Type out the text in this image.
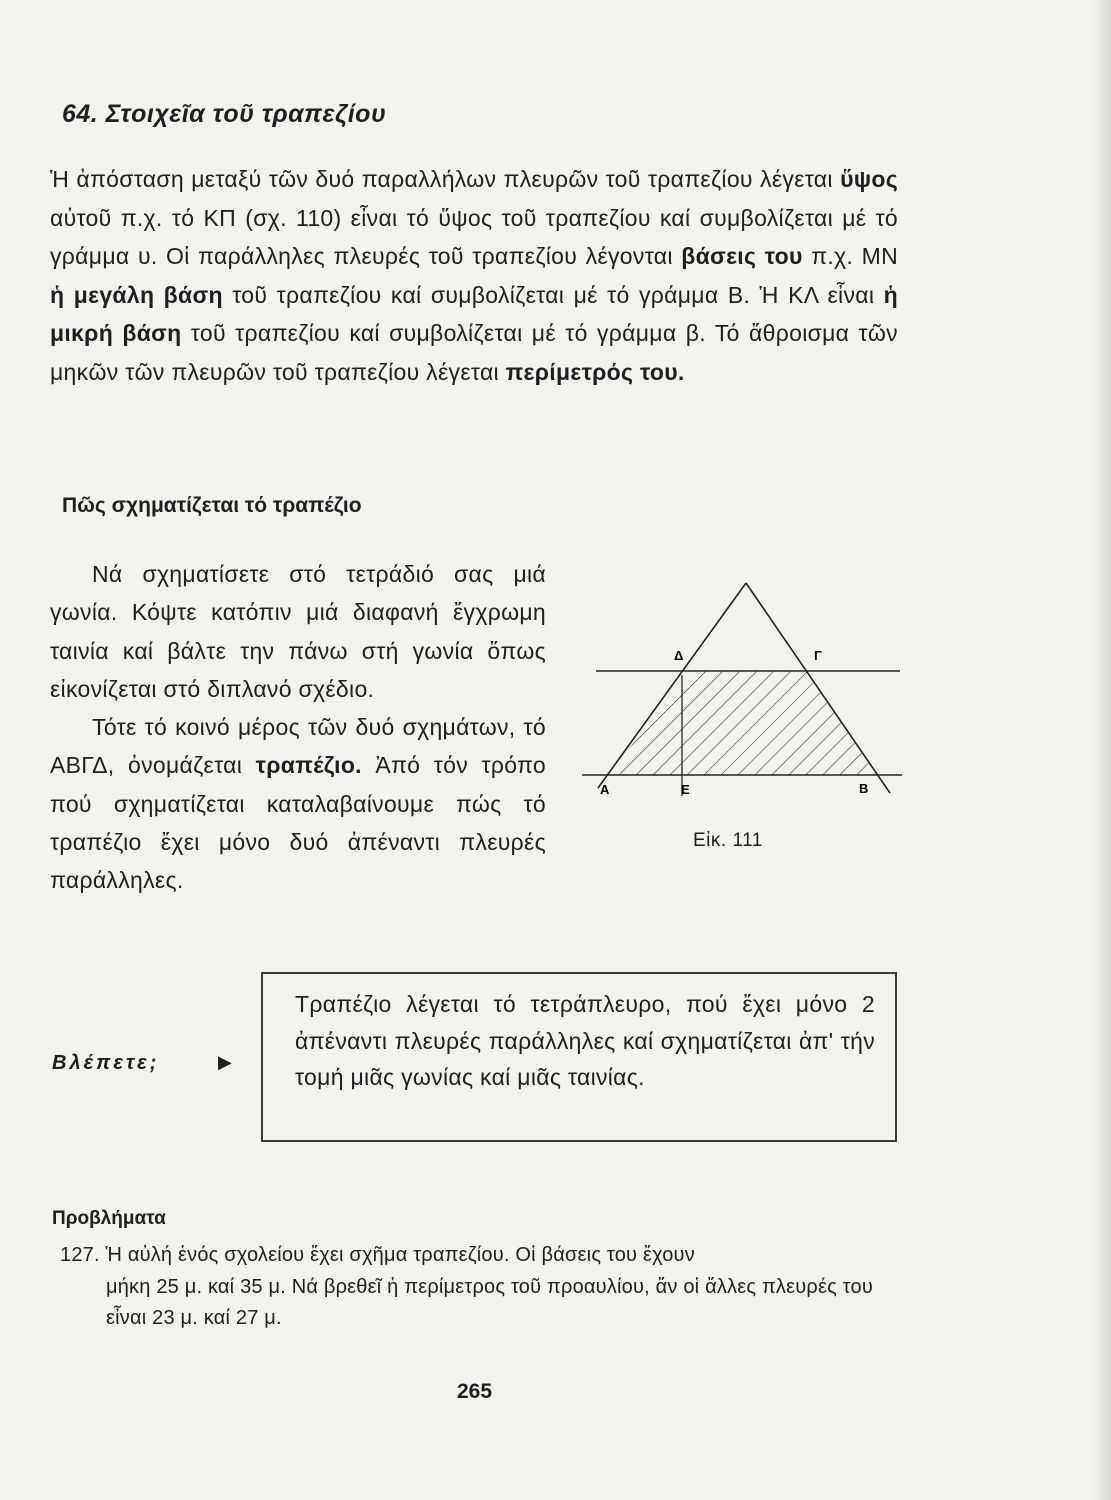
64. Στοιχεῖα τοῦ τραπεζίου
Ἡ ἀπόσταση μεταξύ τῶν δυό παραλλήλων πλευρῶν τοῦ τραπεζίου λέγεται ὕψος αὐτοῦ π.χ. τό ΚΠ (σχ. 110) εἶναι τό ὕψος τοῦ τραπεζίου καί συμβολίζεται μέ τό γράμμα υ. Οἱ παράλληλες πλευρές τοῦ τραπεζίου λέγονται βάσεις του π.χ. ΜΝ ἡ μεγάλη βάση τοῦ τραπεζίου καί συμβολίζεται μέ τό γράμμα Β. Ἡ ΚΛ εἶναι ἡ μικρή βάση τοῦ τραπεζίου καί συμβολίζεται μέ τό γράμμα β. Τό ἄθροισμα τῶν μηκῶν τῶν πλευρῶν τοῦ τραπεζίου λέγεται περίμετρός του.
Πῶς σχηματίζεται τό τραπέζιο

Νά σχηματίσετε στό τετράδιό σας μιά γωνία. Κόψτε κατόπιν μιά διαφανή ἔγχρωμη ταινία καί βάλτε την πάνω στή γωνία ὅπως εἰκονίζεται στό διπλανό σχέδιο.

Τότε τό κοινό μέρος τῶν δυό σχημάτων, τό ΑΒΓΔ, ὀνομάζεται τραπέζιο. Ἀπό τόν τρόπο πού σχηματίζεται καταλαβαίνουμε πώς τό τραπέζιο ἔχει μόνο δυό ἀπέναντι πλευρές παράλληλες.

Α	Ε	Β
Δ	Γ
Εἰκ. 111
Βλέπετε;	▶
Τραπέζιο λέγεται τό τετράπλευρο, πού ἔχει μόνο 2 ἀπέναντι πλευρές παράλληλες καί σχηματίζεται ἀπ' τήν τομή μιᾶς γωνίας καί μιᾶς ταινίας.
Προβλήματα
127. Ἡ αὐλή ἑνός σχολείου ἔχει σχῆμα τραπεζίου. Οἱ βάσεις του ἔχουν
μήκη 25 μ. καί 35 μ. Νά βρεθεῖ ἡ περίμετρος τοῦ προαυλίου, ἄν οἱ ἄλλες πλευρές του εἶναι 23 μ. καί 27 μ.
265
